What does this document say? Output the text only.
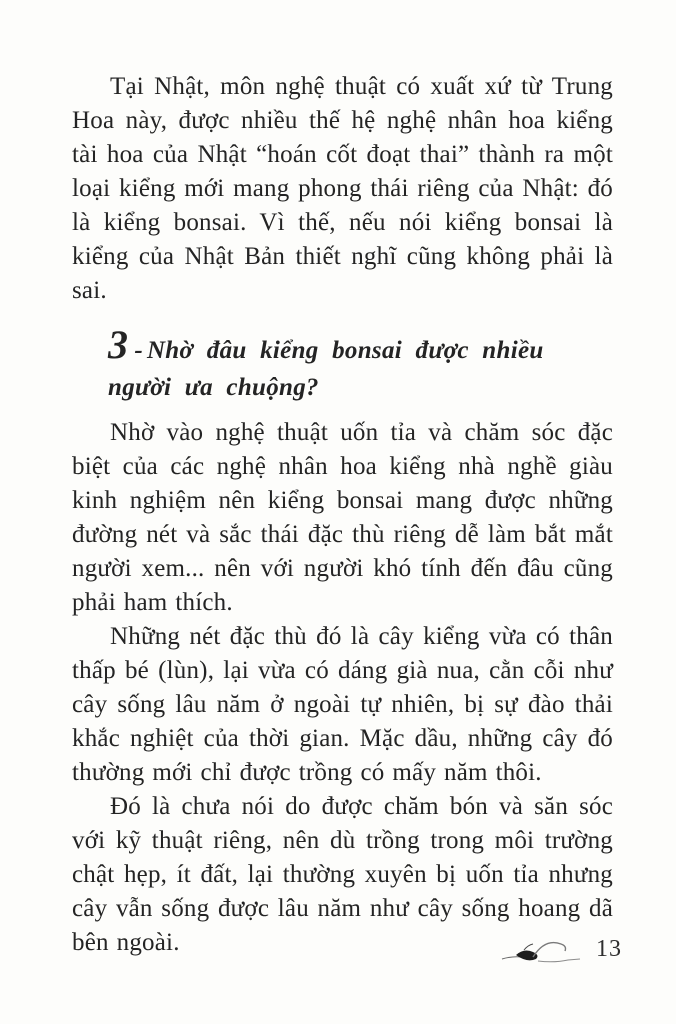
Tại Nhật, môn nghệ thuật có xuất xứ từ Trung Hoa này, được nhiều thế hệ nghệ nhân hoa kiểng tài hoa của Nhật “hoán cốt đoạt thai” thành ra một loại kiểng mới mang phong thái riêng của Nhật: đó là kiểng bonsai. Vì thế, nếu nói kiểng bonsai là kiểng của Nhật Bản thiết nghĩ cũng không phải là sai.

3 - Nhờ đâu kiểng bonsai được nhiều người ưa chuộng?

Nhờ vào nghệ thuật uốn tỉa và chăm sóc đặc biệt của các nghệ nhân hoa kiểng nhà nghề giàu kinh nghiệm nên kiểng bonsai mang được những đường nét và sắc thái đặc thù riêng dễ làm bắt mắt người xem... nên với người khó tính đến đâu cũng phải ham thích.

Những nét đặc thù đó là cây kiểng vừa có thân thấp bé (lùn), lại vừa có dáng già nua, cằn cỗi như cây sống lâu năm ở ngoài tự nhiên, bị sự đào thải khắc nghiệt của thời gian. Mặc dầu, những cây đó thường mới chỉ được trồng có mấy năm thôi.

Đó là chưa nói do được chăm bón và săn sóc với kỹ thuật riêng, nên dù trồng trong môi trường chật hẹp, ít đất, lại thường xuyên bị uốn tỉa nhưng cây vẫn sống được lâu năm như cây sống hoang dã bên ngoài.	13
